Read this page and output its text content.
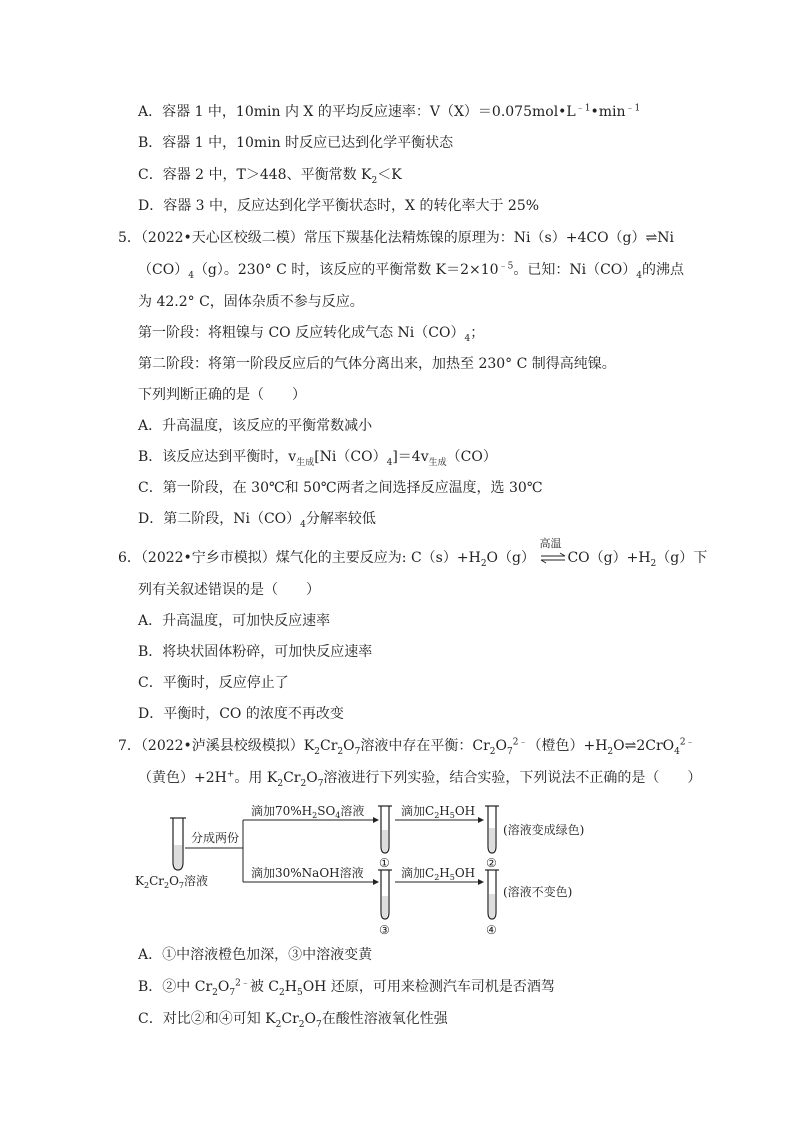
A．容器 1 中，10min 内 X 的平均反应速率：$V(X)=0.075mol•L^{﹣1}•\min^{﹣1}$
B．容器 1 中，10min 时反应已达到化学平衡状态
C．容器 2 中，T＞448、平衡常数 $K_2<K$
D．容器 3 中，反应达到化学平衡状态时，X 的转化率大于 25%
5．（2022•天心区校级二模）常压下羰基化法精炼镍的原理为：Ni（s）+4CO（g）⇌Ni
$(CO)_4(g)$。230° C 时，该反应的平衡常数 $K=2\times 10^{﹣5}$。已知：$Ni(CO)_4$的沸点
为 42.2° C，固体杂质不参与反应。
第一阶段：将粗镍与 CO 反应转化成气态 $Ni(CO)_4$；
第二阶段：将第一阶段反应后的气体分离出来，加热至 230° C 制得高纯镍。
下列判断正确的是（　　）
A．升高温度，该反应的平衡常数减小
B．该反应达到平衡时，$v_{生成}[Ni(CO)_4]=4v_{生成}(CO)$
C．第一阶段，在 30℃和 50℃两者之间选择反应温度，选 30℃
D．第二阶段，$Ni(CO)_4$分解率较低
6．（2022•宁乡市模拟）煤气化的主要反应为: $C(s)+H_2O(g)$
高温
$CO(g)+H_2(g)$下
列有关叙述错误的是（　　）
A．升高温度，可加快反应速率
B．将块状固体粉碎，可加快反应速率
C．平衡时，反应停止了
D．平衡时，CO 的浓度不再改变
7．（2022•泸溪县校级模拟）$K_2Cr_2O_7$溶液中存在平衡：$Cr_2O_7^{2﹣}$（橙色）$+H_2O\rightleftharpoons 2CrO_4^{2﹣}$
（黄色）+2H+。用 $K_2Cr_2O_7$溶液进行下列实验，结合实验，下列说法不正确的是（　　）
$K_2Cr_2O_7$溶液
分成两份
滴加$70\%H_2SO_4$溶液
①
滴加$C_2H_5OH$
②
(溶液变成绿色)
滴加30%NaOH溶液
③
滴加$C_2H_5OH$
④
(溶液不变色)
A．①中溶液橙色加深，③中溶液变黄
B．②中 $Cr_2O_7^{2﹣}$被 $C_2H_5OH$ 还原，可用来检测汽车司机是否酒驾
C．对比②和④可知 $K_2Cr_2O_7$在酸性溶液氧化性强
